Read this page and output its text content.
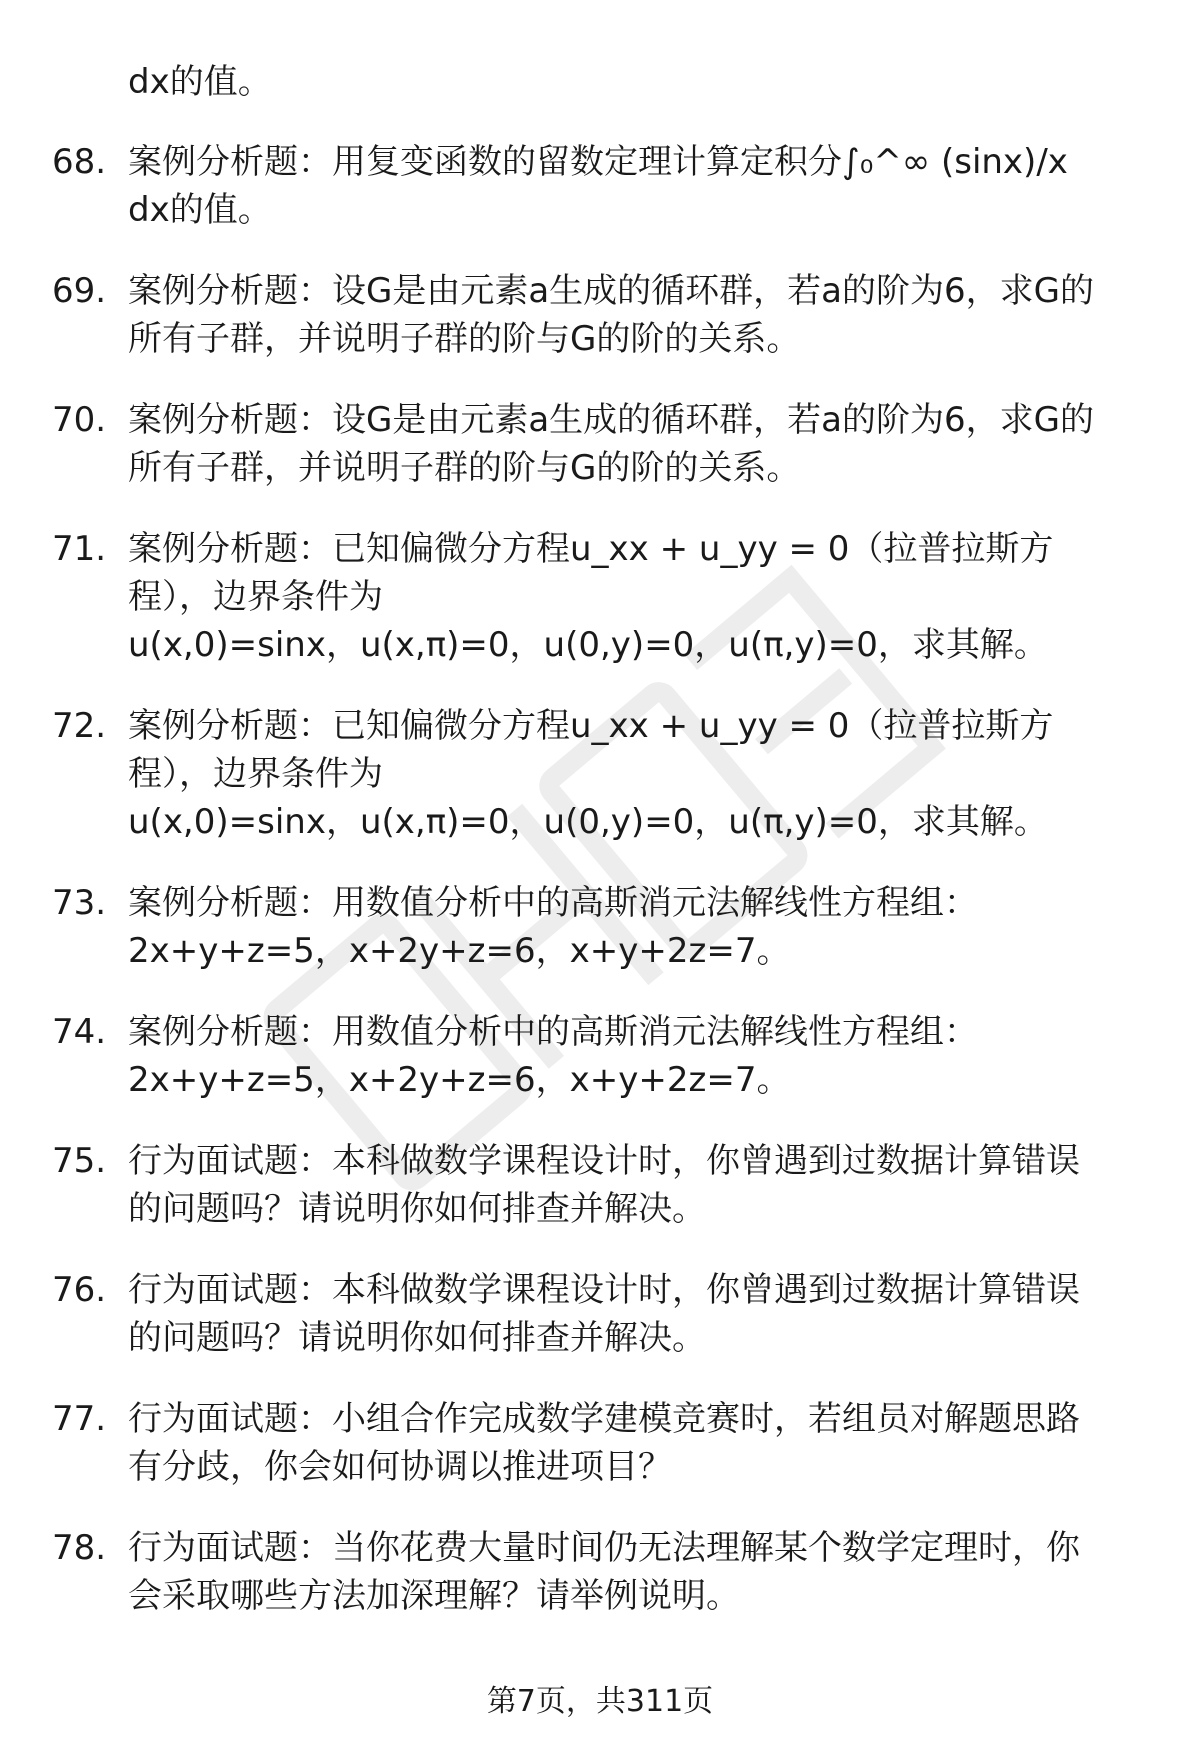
dx的值。
68. 案例分析题：用复变函数的留数定理计算定积分∫₀^∞ (sinx)/x
dx的值。
69. 案例分析题：设G是由元素a生成的循环群，若a的阶为6，求G的
所有子群，并说明子群的阶与G的阶的关系。
70. 案例分析题：设G是由元素a生成的循环群，若a的阶为6，求G的
所有子群，并说明子群的阶与G的阶的关系。
71. 案例分析题：已知偏微分方程u_xx + u_yy = 0（拉普拉斯方
程），边界条件为
u(x,0)=sinx，u(x,π)=0，u(0,y)=0，u(π,y)=0，求其解。
72. 案例分析题：已知偏微分方程u_xx + u_yy = 0（拉普拉斯方
程），边界条件为
u(x,0)=sinx，u(x,π)=0，u(0,y)=0，u(π,y)=0，求其解。
73. 案例分析题：用数值分析中的高斯消元法解线性方程组：
2x+y+z=5，x+2y+z=6，x+y+2z=7。
74. 案例分析题：用数值分析中的高斯消元法解线性方程组：
2x+y+z=5，x+2y+z=6，x+y+2z=7。
75. 行为面试题：本科做数学课程设计时，你曾遇到过数据计算错误
的问题吗？请说明你如何排查并解决。
76. 行为面试题：本科做数学课程设计时，你曾遇到过数据计算错误
的问题吗？请说明你如何排查并解决。
77. 行为面试题：小组合作完成数学建模竞赛时，若组员对解题思路
有分歧，你会如何协调以推进项目？
78. 行为面试题：当你花费大量时间仍无法理解某个数学定理时，你
会采取哪些方法加深理解？请举例说明。
第7页，共311页
